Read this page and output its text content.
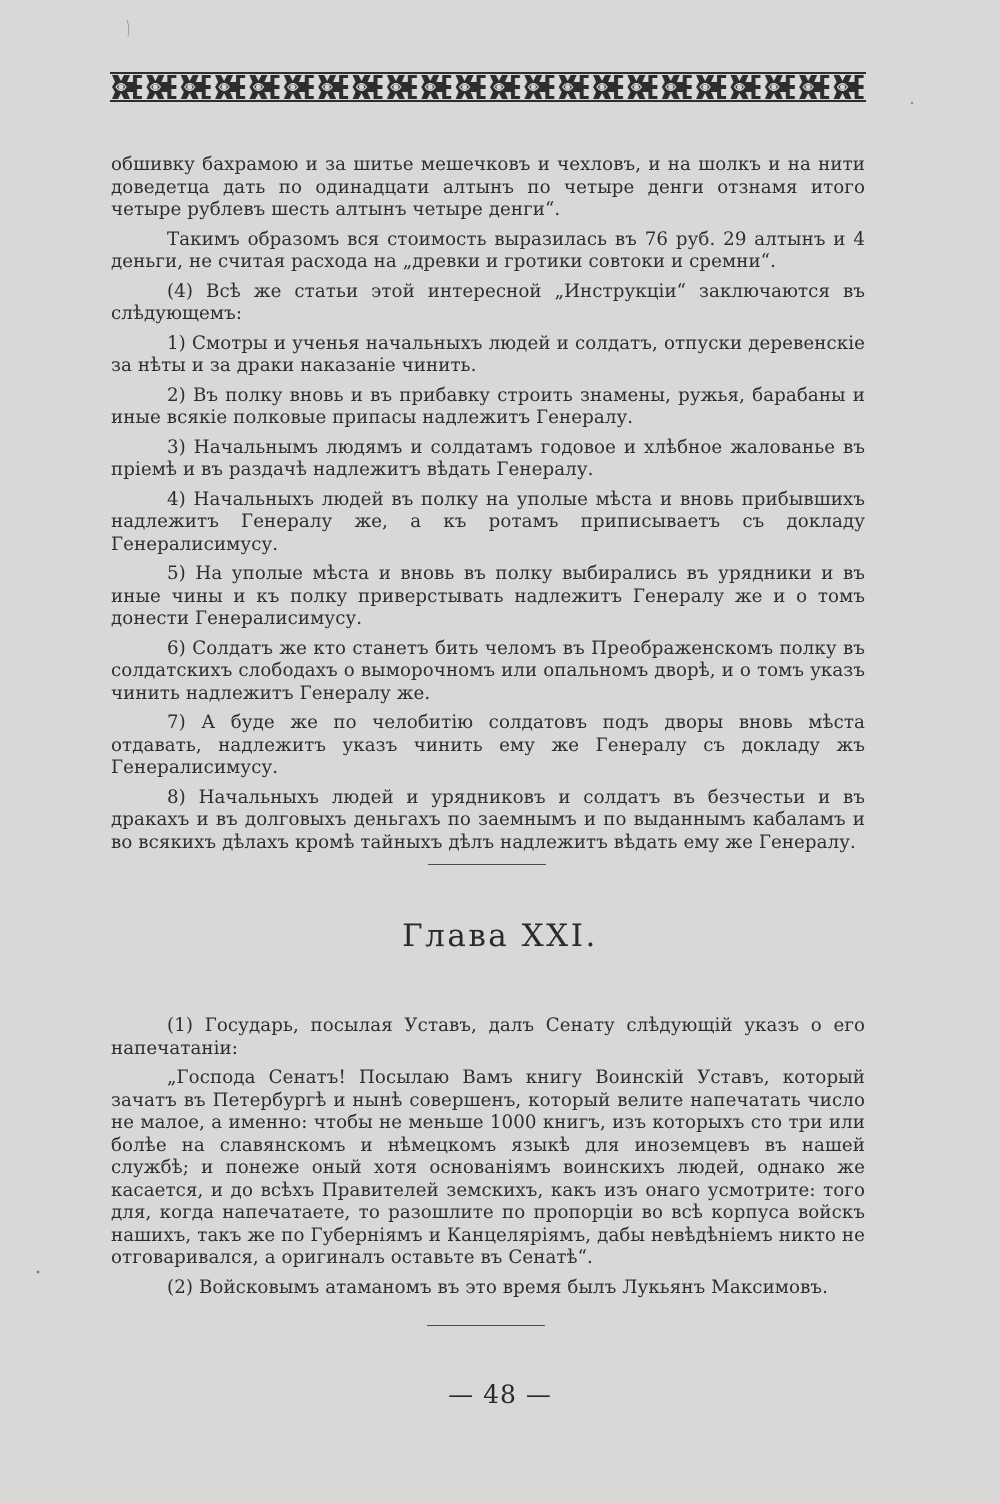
обшивку бахрамою и за шитье мешечковъ и чехловъ, и на шолкъ и на нити доведетца дать по одинадцати алтынъ по четыре денги отзнамя итого четыре рублевъ шесть алтынъ четыре денги“.

Такимъ образомъ вся стоимость выразилась въ 76 руб. 29 алтынъ и 4 деньги, не считая расхода на „древки и гротики совтоки и сремни“.

(4) Всѣ же статьи этой интересной „Инструкціи“ заключаются въ слѣдующемъ:

1) Смотры и ученья начальныхъ людей и солдатъ, отпуски деревенскіе за нѣты и за драки наказаніе чинить.

2) Въ полку вновь и въ прибавку строить знамены, ружья, барабаны и иные всякіе полковые припасы надлежитъ Генералу.

3) Начальнымъ людямъ и солдатамъ годовое и хлѣбное жалованье въ пріемѣ и въ раздачѣ надлежитъ вѣдать Генералу.

4) Начальныхъ людей въ полку на уполые мѣста и вновь прибывшихъ надлежитъ Генералу же, а къ ротамъ приписываетъ съ докладу Генералисимусу.

5) На уполые мѣста и вновь въ полку выбирались въ урядники и въ иные чины и къ полку приверстывать надлежитъ Генералу же и о томъ донести Генералисимусу.

6) Солдатъ же кто станетъ бить челомъ въ Преображенскомъ полку въ солдатскихъ слободахъ о выморочномъ или опальномъ дворѣ, и о томъ указъ чинить надлежитъ Генералу же.

7) А буде же по челобитію солдатовъ подъ дворы вновь мѣста отдавать, надлежитъ указъ чинить ему же Генералу съ докладу жъ Генералисимусу.

8) Начальныхъ людей и урядниковъ и солдатъ въ безчестьи и въ дракахъ и въ долговыхъ деньгахъ по заемнымъ и по выданнымъ кабаламъ и во всякихъ дѣлахъ кромѣ тайныхъ дѣлъ надлежитъ вѣдать ему же Генералу.

Глава XXI.

(1) Государь, посылая Уставъ, далъ Сенату слѣдующій указъ о его напечатаніи:

„Господа Сенатъ! Посылаю Вамъ книгу Воинскій Уставъ, который зачатъ въ Петербургѣ и нынѣ совершенъ, который велите напечатать число не малое, а именно: чтобы не меньше 1000 книгъ, изъ которыхъ сто три или болѣе на славянскомъ и нѣмецкомъ языкѣ для иноземцевъ въ нашей службѣ; и понеже оный хотя основаніямъ воинскихъ людей, однако же касается, и до всѣхъ Правителей земскихъ, какъ изъ онаго усмотрите: того для, когда напечатаете, то разошлите по пропорціи во всѣ корпуса войскъ нашихъ, такъ же по Губерніямъ и Канцеляріямъ, дабы невѣдѣніемъ никто не отговаривался, а оригиналъ оставьте въ Сенатѣ“.

(2) Войсковымъ атаманомъ въ это время былъ Лукьянъ Максимовъ.

— 48 —
